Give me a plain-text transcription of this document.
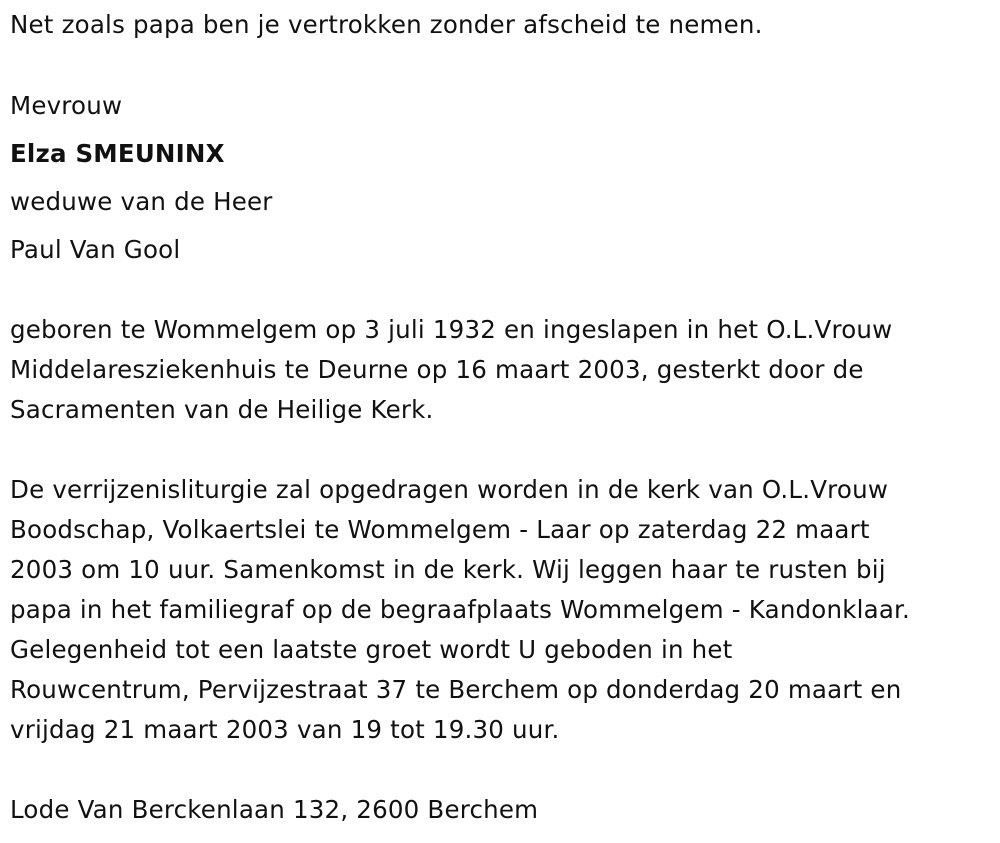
Net zoals papa ben je vertrokken zonder afscheid te nemen.
Mevrouw
Elza SMEUNINX
weduwe van de Heer
Paul Van Gool
geboren te Wommelgem op 3 juli 1932 en ingeslapen in het O.L.Vrouw
Middelaresziekenhuis te Deurne op 16 maart 2003, gesterkt door de
Sacramenten van de Heilige Kerk.
De verrijzenisliturgie zal opgedragen worden in de kerk van O.L.Vrouw
Boodschap, Volkaertslei te Wommelgem - Laar op zaterdag 22 maart
2003 om 10 uur. Samenkomst in de kerk. Wij leggen haar te rusten bij
papa in het familiegraf op de begraafplaats Wommelgem - Kandonklaar.
Gelegenheid tot een laatste groet wordt U geboden in het
Rouwcentrum, Pervijzestraat 37 te Berchem op donderdag 20 maart en
vrijdag 21 maart 2003 van 19 tot 19.30 uur.
Lode Van Berckenlaan 132, 2600 Berchem
